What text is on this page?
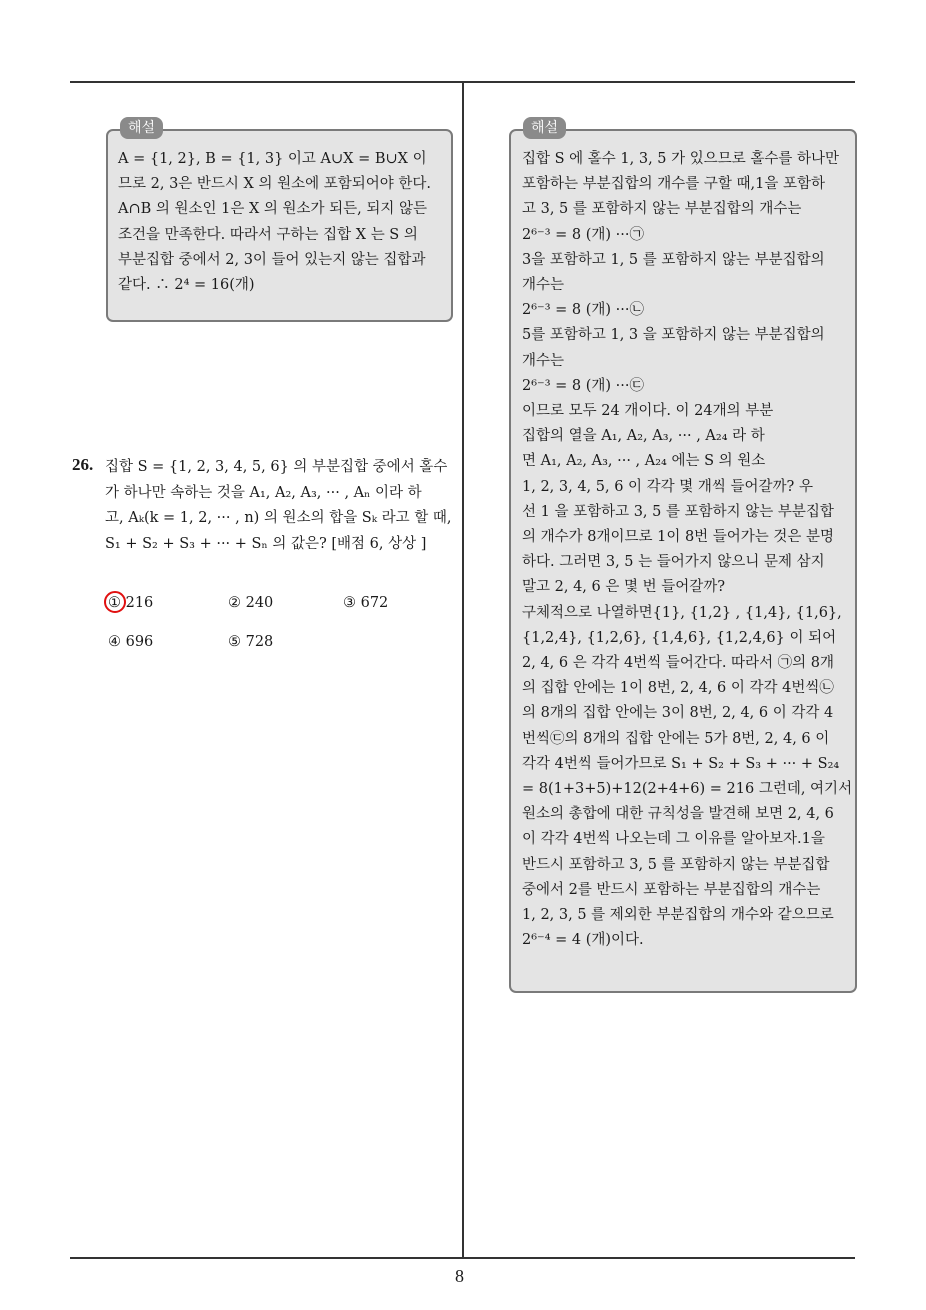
해설
A = {1, 2}, B = {1, 3} 이고 A∪X = B∪X 이
므로 2, 3은 반드시 X 의 원소에 포함되어야 한다.
A∩B 의 원소인 1은 X 의 원소가 되든, 되지 않든
조건을 만족한다. 따라서 구하는 집합 X 는 S 의
부분집합 중에서 2, 3이 들어 있는지 않는 집합과
같다. ∴ 2⁴ = 16(개)
26. 집합 S = {1, 2, 3, 4, 5, 6} 의 부분집합 중에서 홀수
가 하나만 속하는 것을 A₁, A₂, A₃, ··· , Aₙ 이라 하
고, Aₖ(k = 1, 2, ··· , n) 의 원소의 합을 Sₖ 라고 할 때,
S₁ + S₂ + S₃ + ··· + Sₙ 의 값은? [배점 6, 상상 ]
① 216	② 240	③ 672
④ 696	⑤ 728
해설
집합 S 에 홀수 1, 3, 5 가 있으므로 홀수를 하나만
포함하는 부분집합의 개수를 구할 때,1을 포함하
고 3, 5 를 포함하지 않는 부분집합의 개수는
2⁶⁻³ = 8 (개) ···㉠
3을 포함하고 1, 5 를 포함하지 않는 부분집합의
개수는
2⁶⁻³ = 8 (개) ···㉡
5를 포함하고 1, 3 을 포함하지 않는 부분집합의
개수는
2⁶⁻³ = 8 (개) ···㉢
이므로 모두 24 개이다. 이 24개의 부분
집합의 열을 A₁, A₂, A₃, ··· , A₂₄ 라 하
면 A₁, A₂, A₃, ··· , A₂₄ 에는 S 의 원소
1, 2, 3, 4, 5, 6 이 각각 몇 개씩 들어갈까? 우
선 1 을 포함하고 3, 5 를 포함하지 않는 부분집합
의 개수가 8개이므로 1이 8번 들어가는 것은 분명
하다. 그러면 3, 5 는 들어가지 않으니 문제 삼지
말고 2, 4, 6 은 몇 번 들어갈까?
구체적으로 나열하면{1}, {1,2} , {1,4}, {1,6},
{1,2,4}, {1,2,6}, {1,4,6}, {1,2,4,6} 이 되어
2, 4, 6 은 각각 4번씩 들어간다. 따라서 ㉠의 8개
의 집합 안에는 1이 8번, 2, 4, 6 이 각각 4번씩㉡
의 8개의 집합 안에는 3이 8번, 2, 4, 6 이 각각 4
번씩㉢의 8개의 집합 안에는 5가 8번, 2, 4, 6 이
각각 4번씩 들어가므로 S₁ + S₂ + S₃ + ··· + S₂₄
= 8(1+3+5)+12(2+4+6) = 216 그런데, 여기서
원소의 총합에 대한 규칙성을 발견해 보면 2, 4, 6
이 각각 4번씩 나오는데 그 이유를 알아보자.1을
반드시 포함하고 3, 5 를 포함하지 않는 부분집합
중에서 2를 반드시 포함하는 부분집합의 개수는
1, 2, 3, 5 를 제외한 부분집합의 개수와 같으므로
2⁶⁻⁴ = 4 (개)이다.
8
